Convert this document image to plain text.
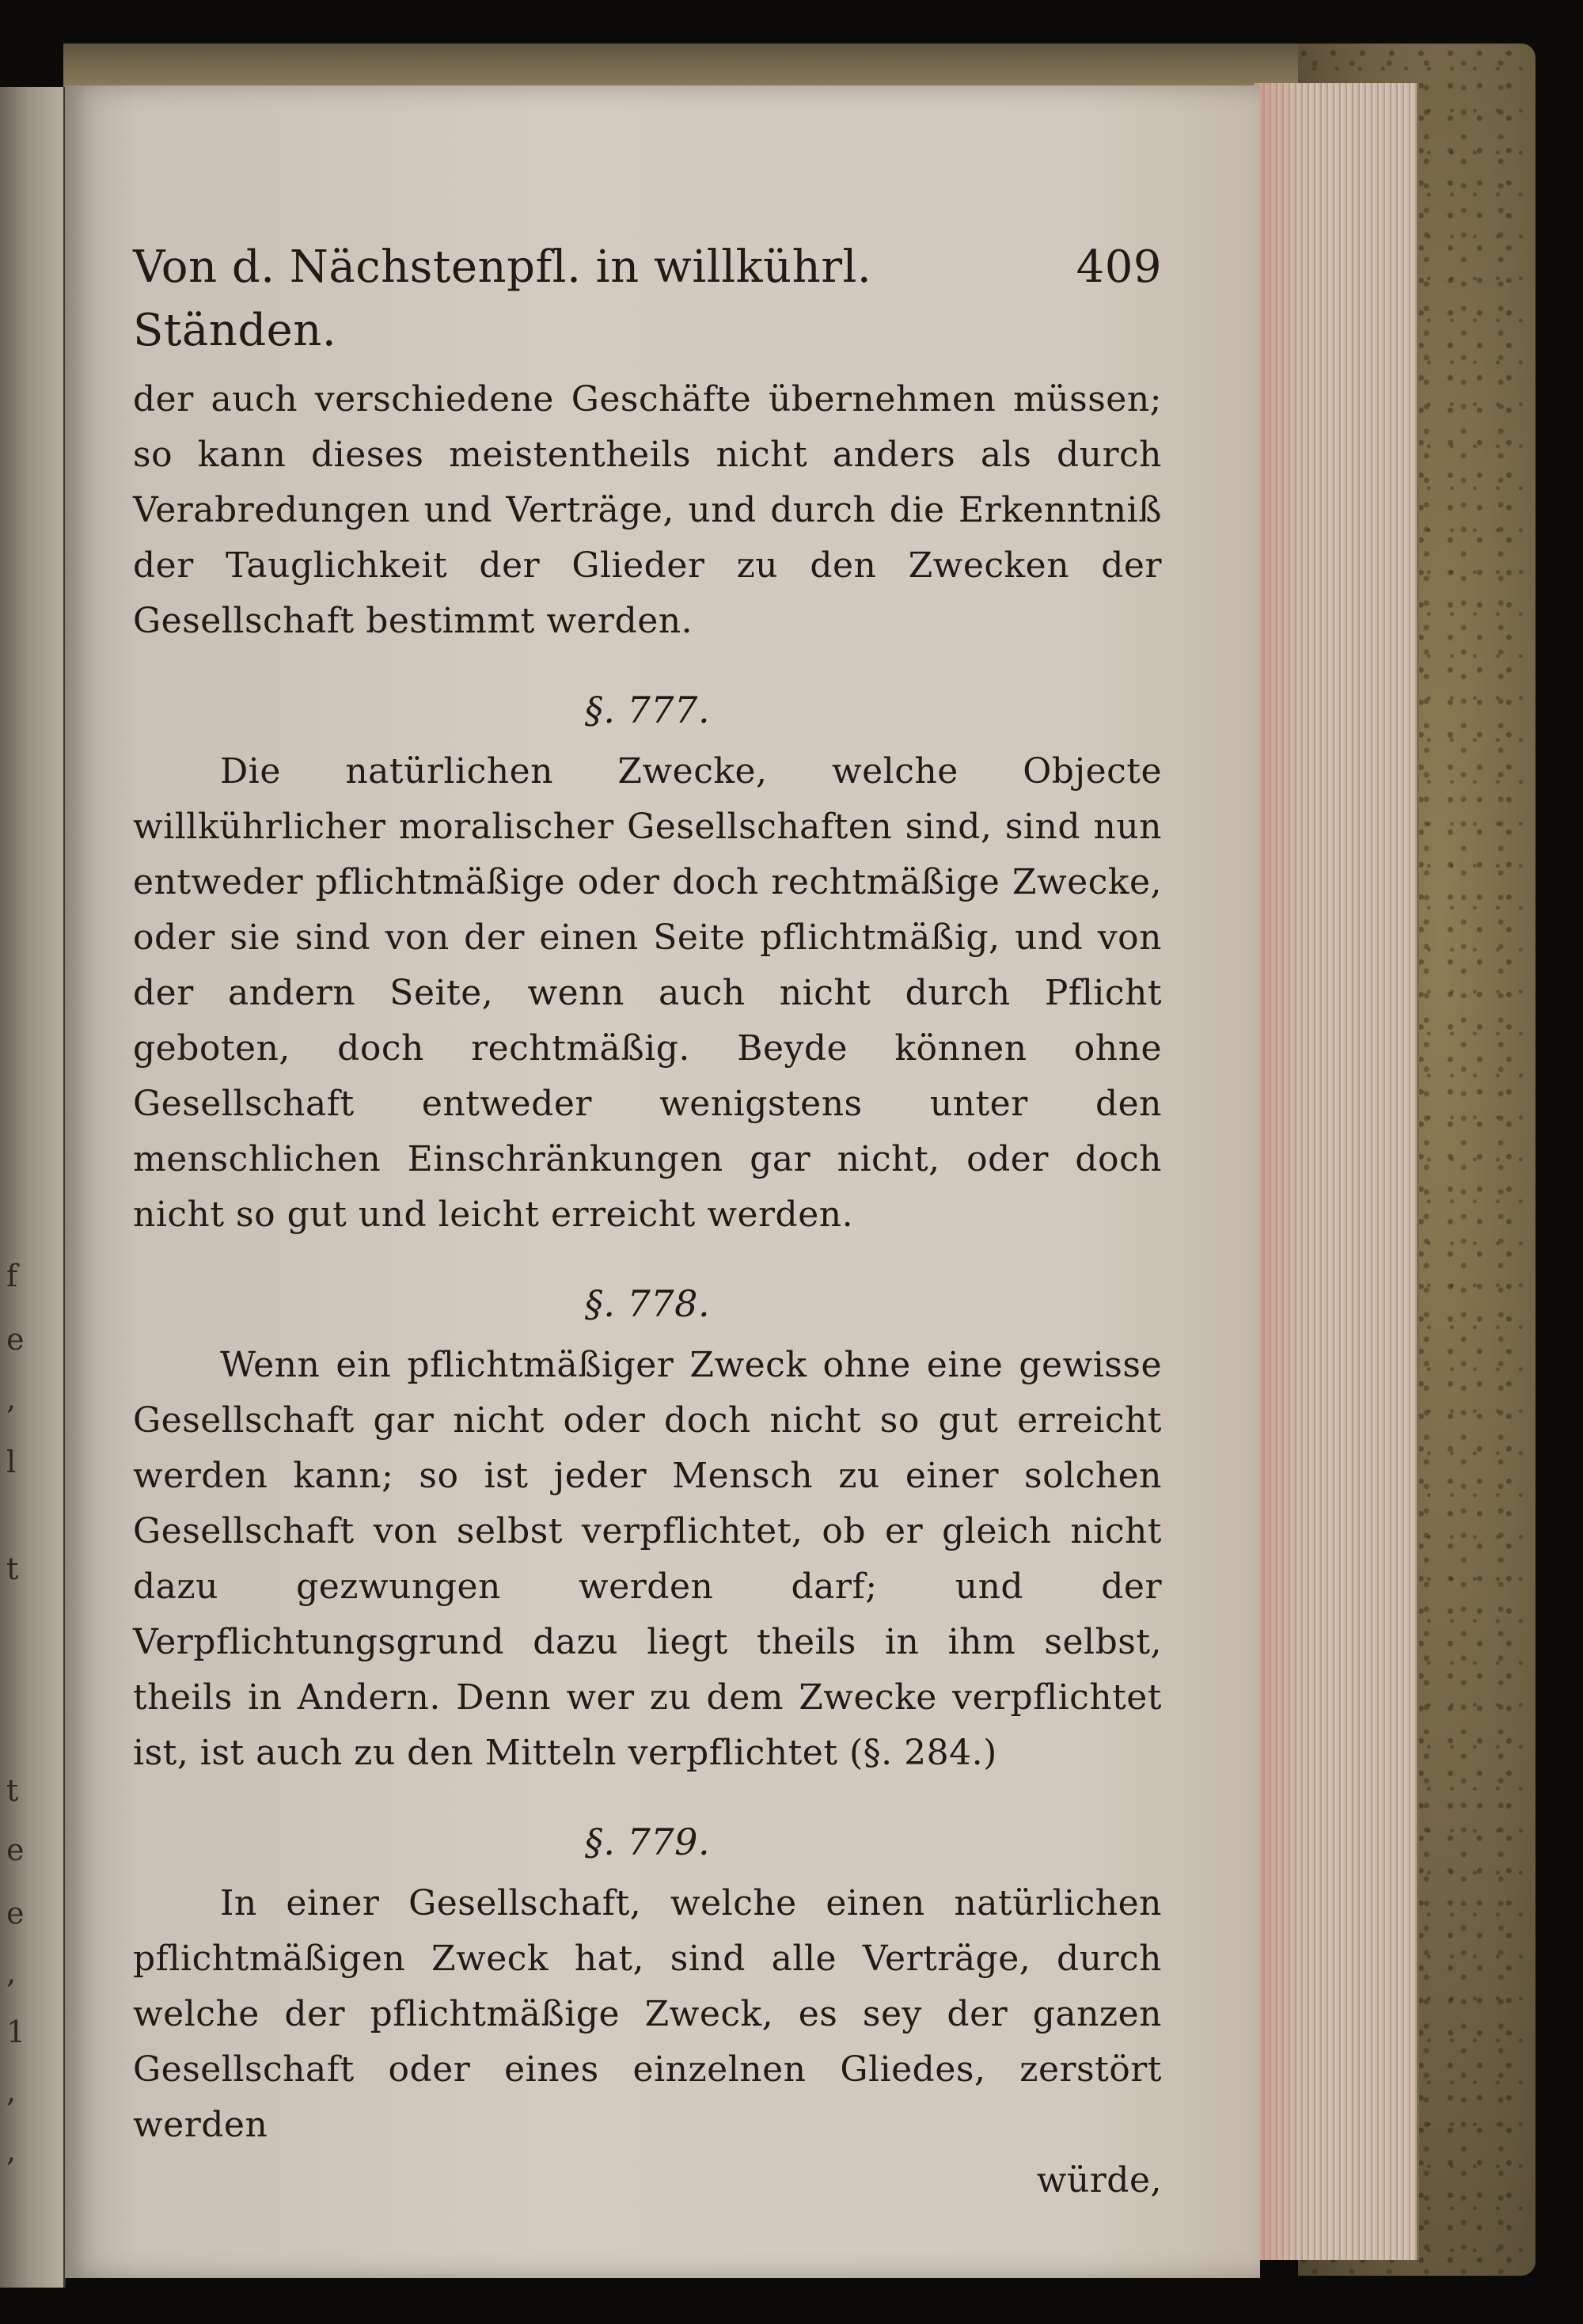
f
e
,
l
t
t
e
e
,
1
,
,
Von d. Nächstenpfl. in willkührl. Ständen.
409

der auch verschiedene Geschäfte übernehmen müssen; so kann dieses meistentheils nicht anders als durch Verabredungen und Verträge, und durch die Erkenntniß der Tauglichkeit der Glieder zu den Zwecken der Gesellschaft bestimmt werden.

§. 777.

Die natürlichen Zwecke, welche Objecte willkührlicher moralischer Gesellschaften sind, sind nun entweder pflichtmäßige oder doch rechtmäßige Zwecke, oder sie sind von der einen Seite pflichtmäßig, und von der andern Seite, wenn auch nicht durch Pflicht geboten, doch rechtmäßig. Beyde können ohne Gesellschaft entweder wenigstens unter den menschlichen Einschränkungen gar nicht, oder doch nicht so gut und leicht erreicht werden.

§. 778.

Wenn ein pflichtmäßiger Zweck ohne eine gewisse Gesellschaft gar nicht oder doch nicht so gut erreicht werden kann; so ist jeder Mensch zu einer solchen Gesellschaft von selbst verpflichtet, ob er gleich nicht dazu gezwungen werden darf; und der Verpflichtungsgrund dazu liegt theils in ihm selbst, theils in Andern. Denn wer zu dem Zwecke verpflichtet ist, ist auch zu den Mitteln verpflichtet (§. 284.)

§. 779.

In einer Gesellschaft, welche einen natürlichen pflichtmäßigen Zweck hat, sind alle Verträge, durch welche der pflichtmäßige Zweck, es sey der ganzen Gesellschaft oder eines einzelnen Gliedes, zerstört werden

würde,
